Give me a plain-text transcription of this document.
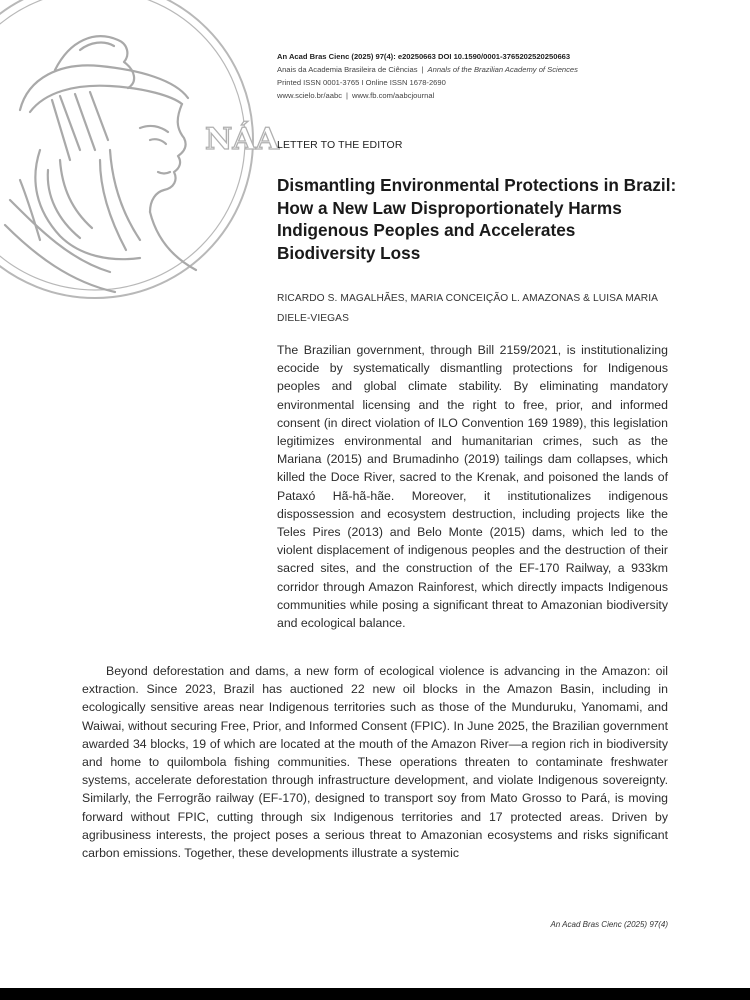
NÁA
An Acad Bras Cienc (2025) 97(4): e20250663 DOI 10.1590/0001-3765202520250663
Anais da Academia Brasileira de Ciências | Annals of the Brazilian Academy of Sciences
Printed ISSN 0001-3765 I Online ISSN 1678-2690
www.scielo.br/aabc | www.fb.com/aabcjournal
LETTER TO THE EDITOR
Dismantling Environmental Protections in Brazil: How a New Law Disproportionately Harms Indigenous Peoples and Accelerates Biodiversity Loss
RICARDO S. MAGALHÃES, MARIA CONCEIÇÃO L. AMAZONAS & LUISA MARIA DIELE-VIEGAS

The Brazilian government, through Bill 2159/2021, is institutionalizing ecocide by systematically dismantling protections for Indigenous peoples and global climate stability. By eliminating mandatory environmental licensing and the right to free, prior, and informed consent (in direct violation of ILO Convention 169 1989), this legislation legitimizes environmental and humanitarian crimes, such as the Mariana (2015) and Brumadinho (2019) tailings dam collapses, which killed the Doce River, sacred to the Krenak, and poisoned the lands of Pataxó Hã-hã-hãe. Moreover, it institutionalizes indigenous dispossession and ecosystem destruction, including projects like the Teles Pires (2013) and Belo Monte (2015) dams, which led to the violent displacement of indigenous peoples and the destruction of their sacred sites, and the construction of the EF-170 Railway, a 933km corridor through Amazon Rainforest, which directly impacts Indigenous communities while posing a significant threat to Amazonian biodiversity and ecological balance.

Beyond deforestation and dams, a new form of ecological violence is advancing in the Amazon: oil extraction. Since 2023, Brazil has auctioned 22 new oil blocks in the Amazon Basin, including in ecologically sensitive areas near Indigenous territories such as those of the Munduruku, Yanomami, and Waiwai, without securing Free, Prior, and Informed Consent (FPIC). In June 2025, the Brazilian government awarded 34 blocks, 19 of which are located at the mouth of the Amazon River—a region rich in biodiversity and home to quilombola fishing communities. These operations threaten to contaminate freshwater systems, accelerate deforestation through infrastructure development, and violate Indigenous sovereignty. Similarly, the Ferrogrão railway (EF-170), designed to transport soy from Mato Grosso to Pará, is moving forward without FPIC, cutting through six Indigenous territories and 17 protected areas. Driven by agribusiness interests, the project poses a serious threat to Amazonian ecosystems and risks significant carbon emissions. Together, these developments illustrate a systemic

An Acad Bras Cienc (2025) 97(4)
